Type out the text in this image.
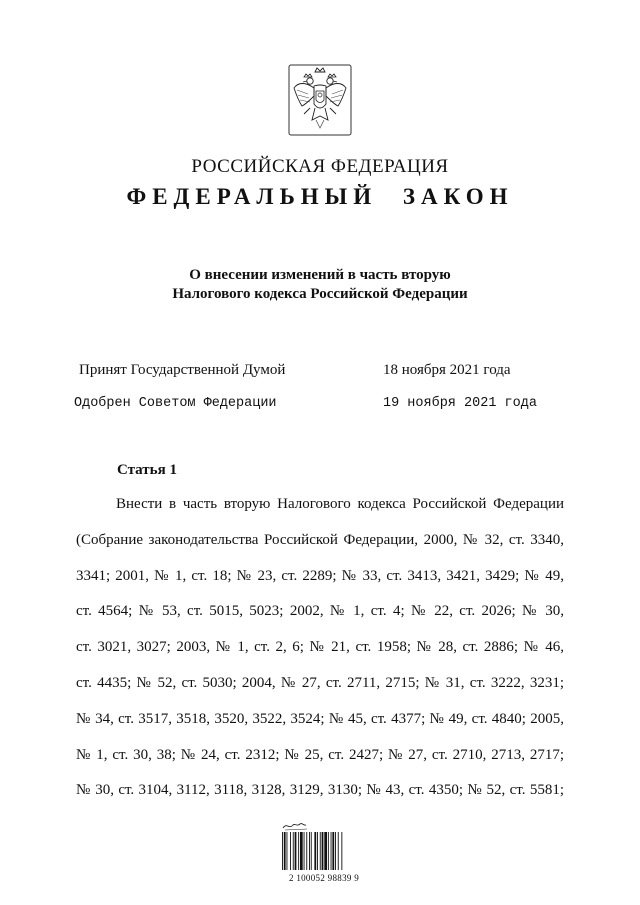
РОССИЙСКАЯ ФЕДЕРАЦИЯ
ФЕДЕРАЛЬНЫЙ ЗАКОН
О внесении изменений в часть вторую
Налогового кодекса Российской Федерации
Принят Государственной Думой	18 ноября 2021 года
Одобрен Советом Федерации	19 ноября 2021 года
Статья 1
Внести в часть вторую Налогового кодекса Российской Федерации
(Собрание законодательства Российской Федерации, 2000, № 32, ст. 3340,
3341; 2001, № 1, ст. 18; № 23, ст. 2289; № 33, ст. 3413, 3421, 3429; № 49,
ст. 4564; № 53, ст. 5015, 5023; 2002, № 1, ст. 4; № 22, ст. 2026; № 30,
ст. 3021, 3027; 2003, № 1, ст. 2, 6; № 21, ст. 1958; № 28, ст. 2886; № 46,
ст. 4435; № 52, ст. 5030; 2004, № 27, ст. 2711, 2715; № 31, ст. 3222, 3231;
№ 34, ст. 3517, 3518, 3520, 3522, 3524; № 45, ст. 4377; № 49, ст. 4840; 2005,
№ 1, ст. 30, 38; № 24, ст. 2312; № 25, ст. 2427; № 27, ст. 2710, 2713, 2717;
№ 30, ст. 3104, 3112, 3118, 3128, 3129, 3130; № 43, ст. 4350; № 52, ст. 5581;
2 100052 98839 9
